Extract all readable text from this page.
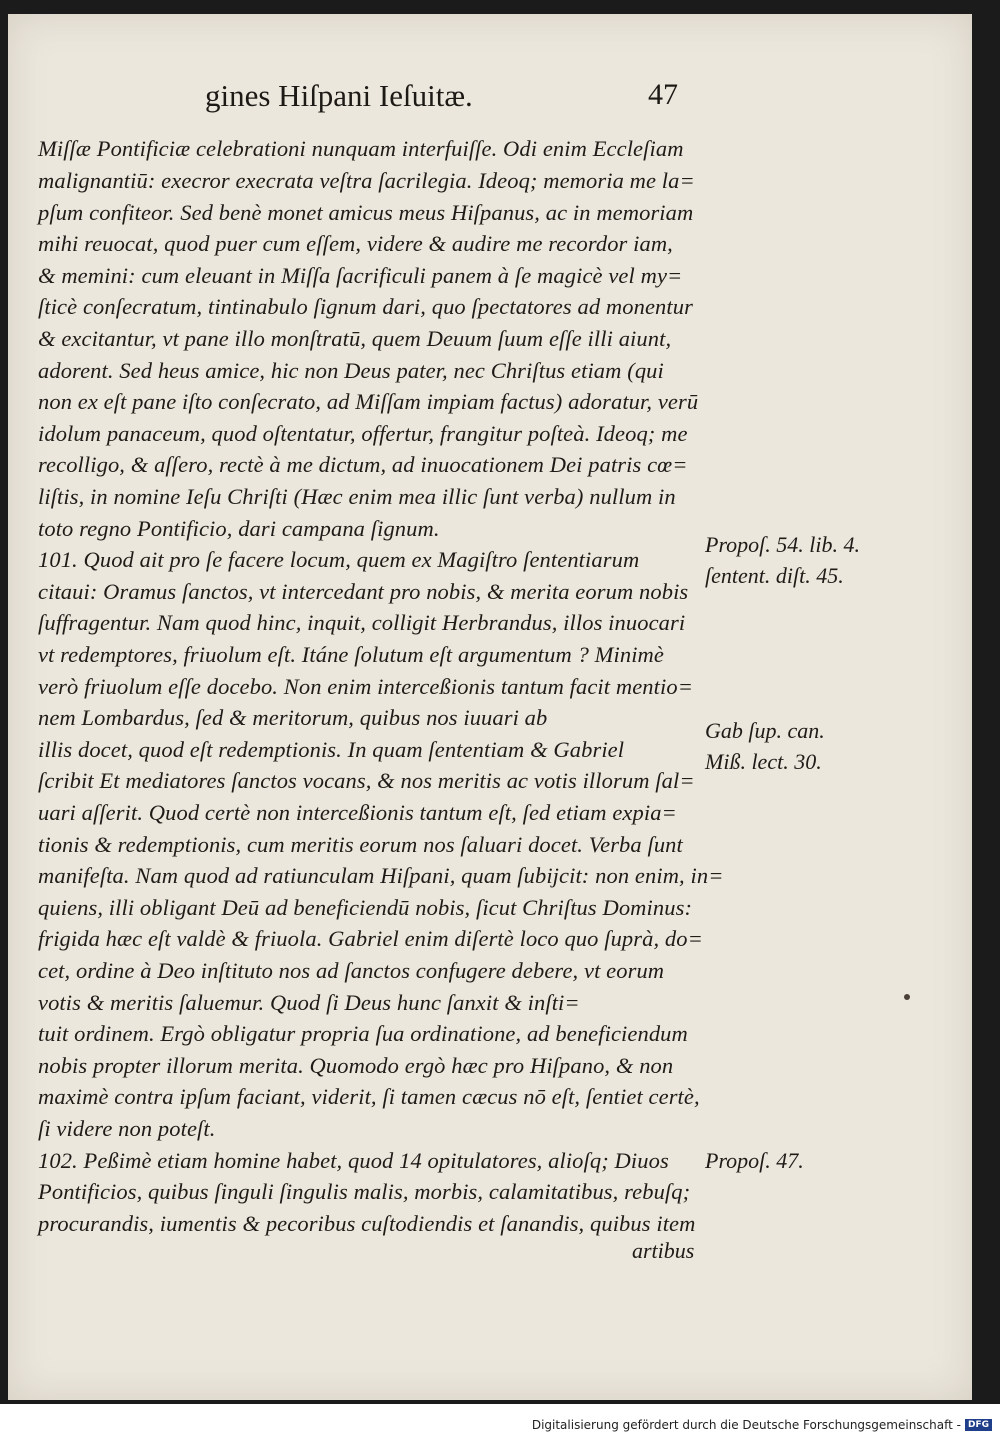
gines Hiſpani Ieſuitæ.	47
Miſſæ Pontificiæ celebrationi nunquam interfuiſſe. Odi enim Eccleſiam
malignantiū: execror execrata veſtra ſacrilegia. Ideoq; memoria me la=
pſum confiteor. Sed benè monet amicus meus Hiſpanus, ac in memoriam
mihi reuocat, quod puer cum eſſem, videre & audire me recordor iam,
& memini: cum eleuant in Miſſa ſacrificuli panem à ſe magicè vel my=
ſticè conſecratum, tintinabulo ſignum dari, quo ſpectatores ad monentur
& excitantur, vt pane illo monſtratū, quem Deuum ſuum eſſe illi aiunt,
adorent. Sed heus amice, hic non Deus pater, nec Chriſtus etiam (qui
non ex eſt pane iſto conſecrato, ad Miſſam impiam factus) adoratur, verū
idolum panaceum, quod oſtentatur, offertur, frangitur poſteà. Ideoq; me
recolligo, & aſſero, rectè à me dictum, ad inuocationem Dei patris cœ=
liſtis, in nomine Ieſu Chriſti (Hæc enim mea illic ſunt verba) nullum in
toto regno Pontificio, dari campana ſignum.
101. Quod ait pro ſe facere locum, quem ex Magiſtro ſententiarum
citaui: Oramus ſanctos, vt intercedant pro nobis, & merita eorum nobis
ſuffragentur. Nam quod hinc, inquit, colligit Herbrandus, illos inuocari
vt redemptores, friuolum eſt. Itáne ſolutum eſt argumentum ? Minimè
verò friuolum eſſe docebo. Non enim interceßionis tantum facit mentio=
nem Lombardus, ſed & meritorum, quibus nos iuuari ab
illis docet, quod eſt redemptionis. In quam ſententiam & Gabriel
ſcribit Et mediatores ſanctos vocans, & nos meritis ac votis illorum ſal=
uari aſſerit. Quod certè non interceßionis tantum eſt, ſed etiam expia=
tionis & redemptionis, cum meritis eorum nos ſaluari docet. Verba ſunt
manifeſta. Nam quod ad ratiunculam Hiſpani, quam ſubijcit: non enim, in=
quiens, illi obligant Deū ad beneficiendū nobis, ſicut Chriſtus Dominus:
frigida hæc eſt valdè & friuola. Gabriel enim diſertè loco quo ſuprà, do=
cet, ordine à Deo inſtituto nos ad ſanctos confugere debere, vt eorum
votis & meritis ſaluemur. Quod ſi Deus hunc ſanxit & inſti=
tuit ordinem. Ergò obligatur propria ſua ordinatione, ad beneficiendum
nobis propter illorum merita. Quomodo ergò hæc pro Hiſpano, & non
maximè contra ipſum faciant, viderit, ſi tamen cæcus nō eſt, ſentiet certè,
ſi videre non poteſt.
102. Peßimè etiam homine habet, quod 14 opitulatores, alioſq; Diuos
Pontificios, quibus ſinguli ſingulis malis, morbis, calamitatibus, rebuſq;
procurandis, iumentis & pecoribus cuſtodiendis et ſanandis, quibus item
Propoſ. 54. lib. 4.
ſentent. diſt. 45.
Gab ſup. can.
Miß. lect. 30.
Propoſ. 47.
artibus
Digitalisierung gefördert durch die Deutsche Forschungsgemeinschaft - DFG
